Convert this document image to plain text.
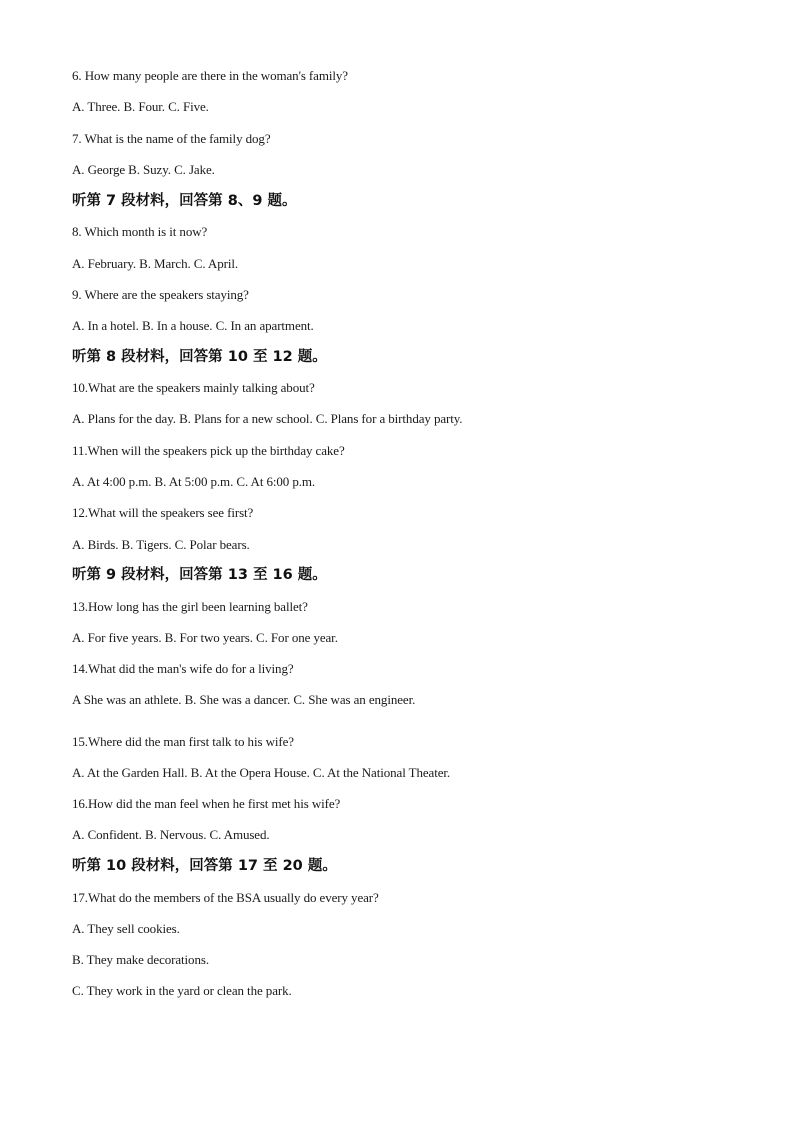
6. How many people are there in the woman's family?
A. Three. B. Four. C. Five.
7. What is the name of the family dog?
A. George B. Suzy. C. Jake.
听第 7 段材料，回答第 8、9 题。
8. Which month is it now?
A. February. B. March. C. April.
9. Where are the speakers staying?
A. In a hotel. B. In a house. C. In an apartment.
听第 8 段材料，回答第 10 至 12 题。
10.What are the speakers mainly talking about?
A. Plans for the day. B. Plans for a new school. C. Plans for a birthday party.
11.When will the speakers pick up the birthday cake?
A. At 4:00 p.m. B. At 5:00 p.m. C. At 6:00 p.m.
12.What will the speakers see first?
A. Birds. B. Tigers. C. Polar bears.
听第 9 段材料，回答第 13 至 16 题。
13.How long has the girl been learning ballet?
A. For five years. B. For two years. C. For one year.
14.What did the man's wife do for a living?
A She was an athlete. B. She was a dancer. C. She was an engineer.
15.Where did the man first talk to his wife?
A. At the Garden Hall. B. At the Opera House. C. At the National Theater.
16.How did the man feel when he first met his wife?
A. Confident. B. Nervous. C. Amused.
听第 10 段材料，回答第 17 至 20 题。
17.What do the members of the BSA usually do every year?
A. They sell cookies.
B. They make decorations.
C. They work in the yard or clean the park.
